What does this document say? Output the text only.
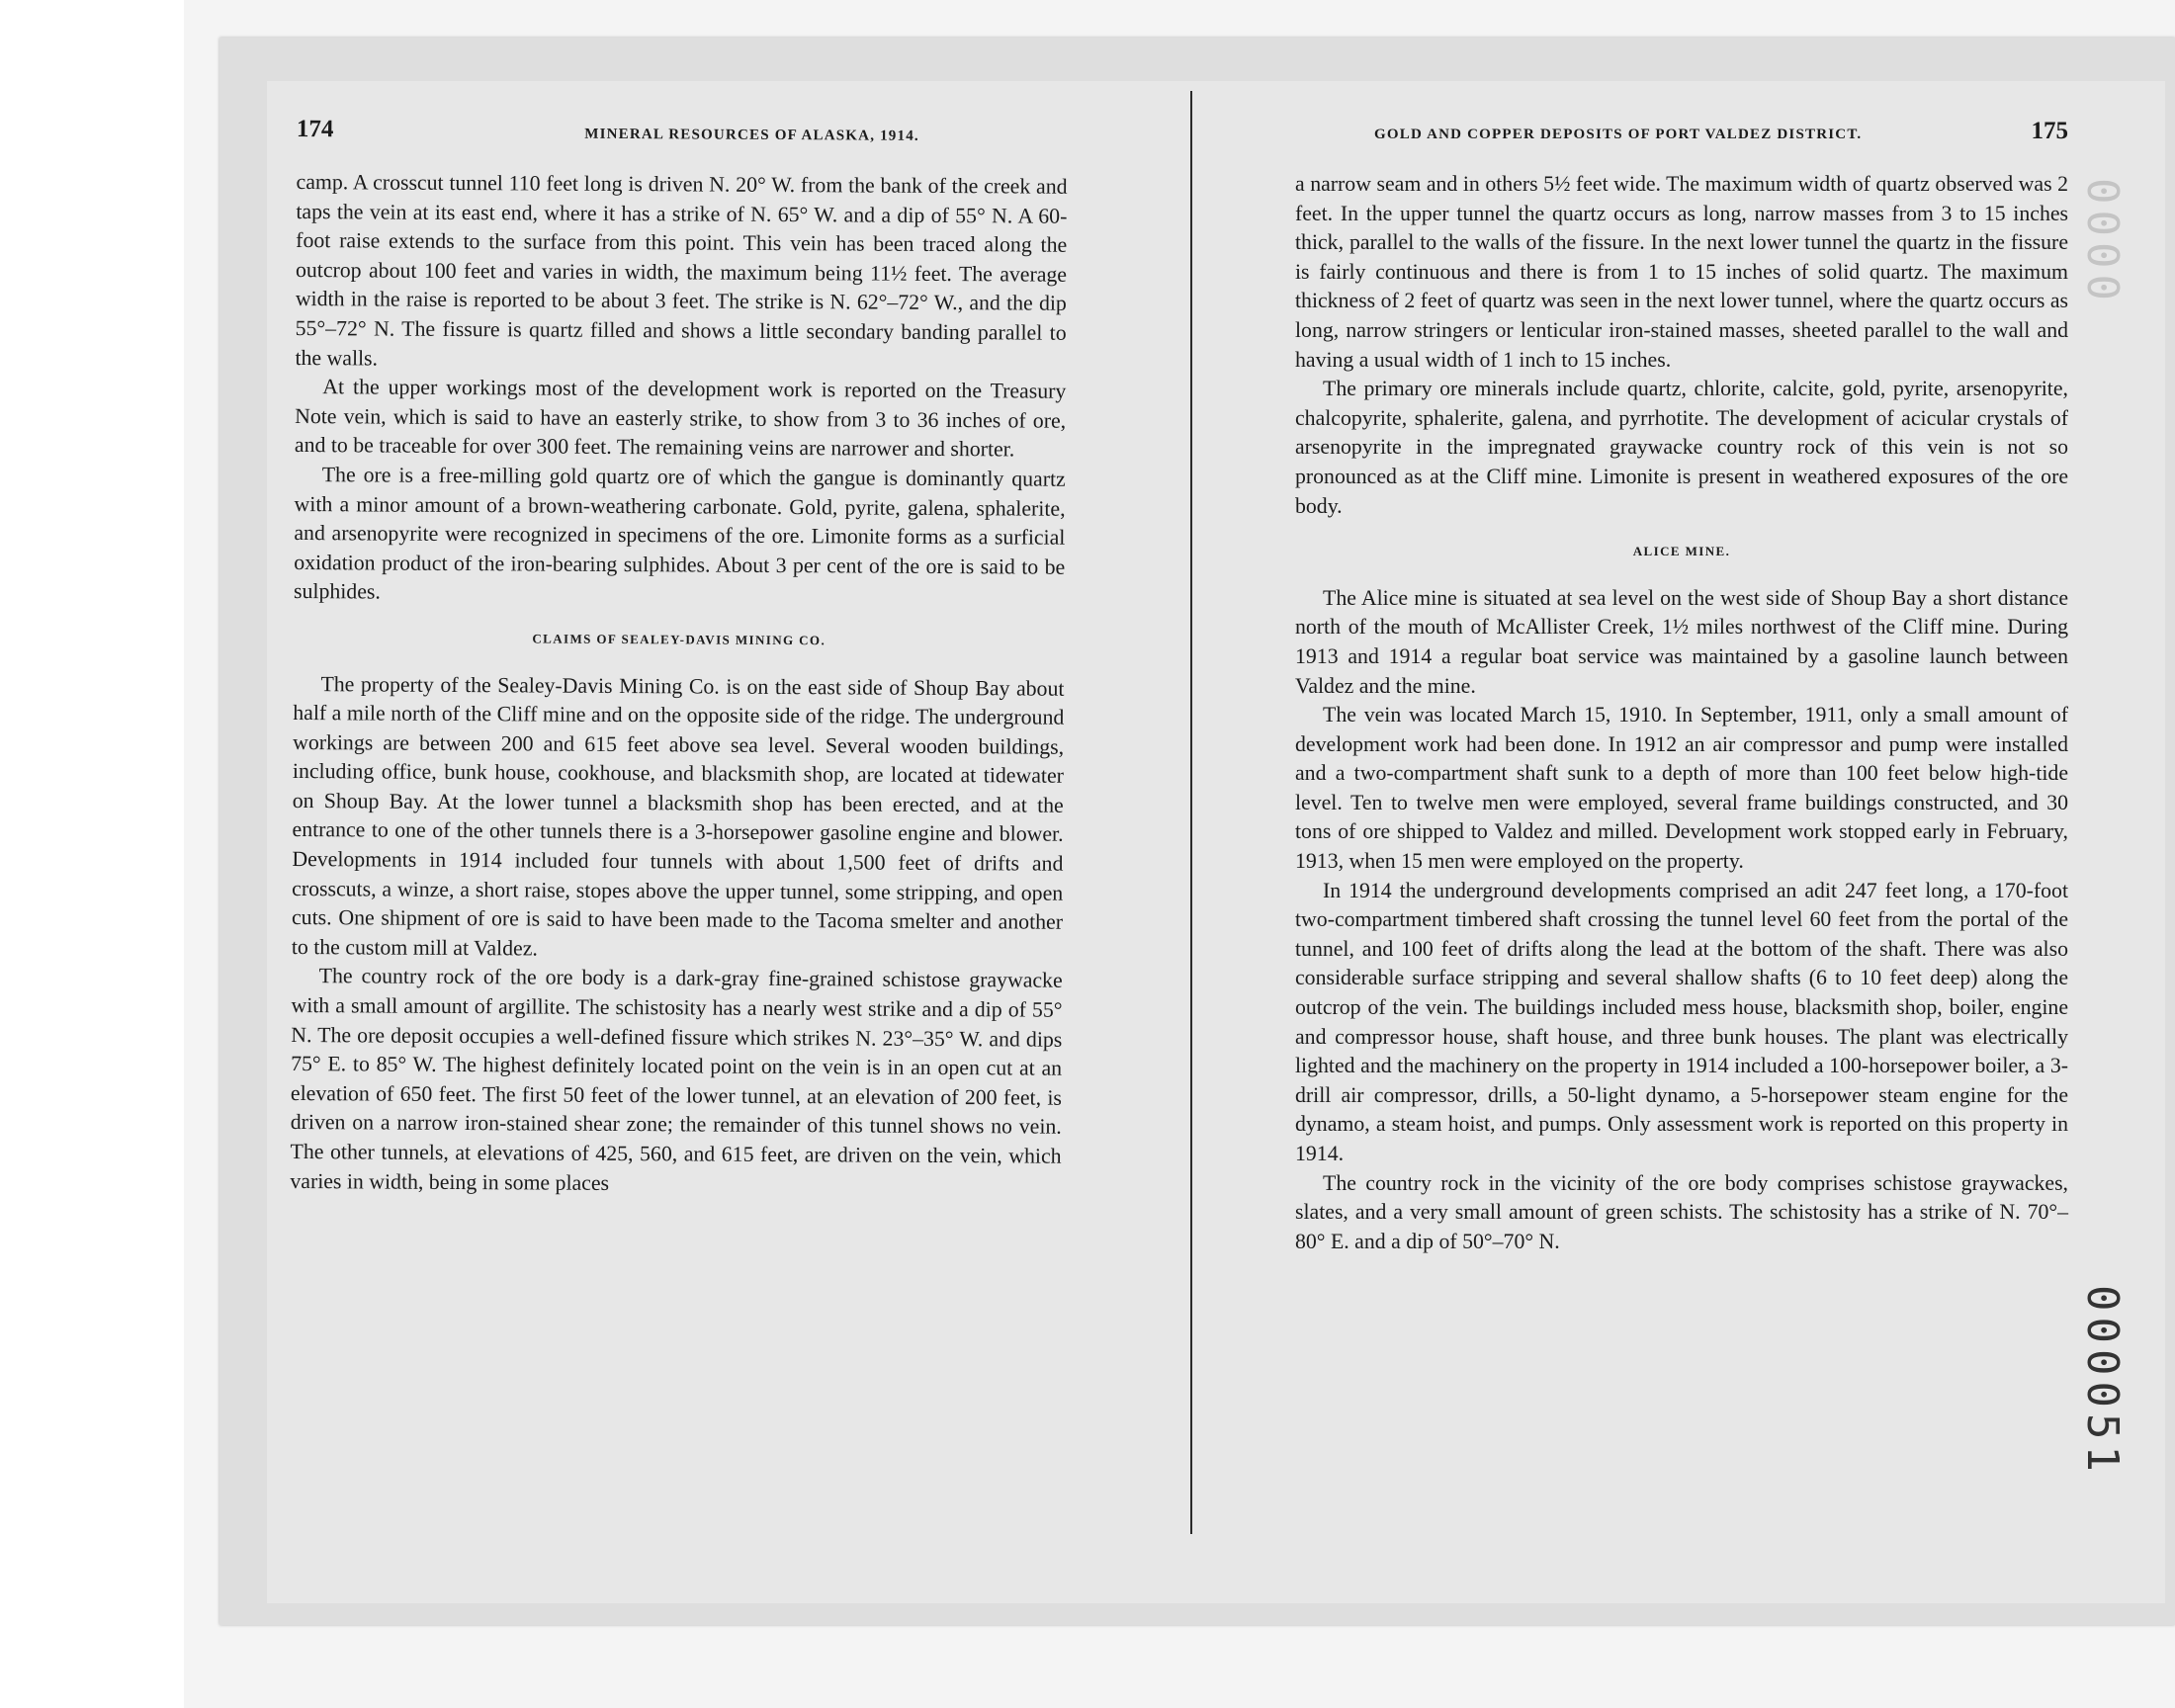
174	MINERAL RESOURCES OF ALASKA, 1914.

camp. A crosscut tunnel 110 feet long is driven N. 20° W. from the bank of the creek and taps the vein at its east end, where it has a strike of N. 65° W. and a dip of 55° N. A 60-foot raise extends to the surface from this point. This vein has been traced along the outcrop about 100 feet and varies in width, the maximum being 11½ feet. The average width in the raise is reported to be about 3 feet. The strike is N. 62°–72° W., and the dip 55°–72° N. The fissure is quartz filled and shows a little secondary banding parallel to the walls.

At the upper workings most of the development work is reported on the Treasury Note vein, which is said to have an easterly strike, to show from 3 to 36 inches of ore, and to be traceable for over 300 feet. The remaining veins are narrower and shorter.

The ore is a free-milling gold quartz ore of which the gangue is dominantly quartz with a minor amount of a brown-weathering carbonate. Gold, pyrite, galena, sphalerite, and arsenopyrite were recognized in specimens of the ore. Limonite forms as a surficial oxidation product of the iron-bearing sulphides. About 3 per cent of the ore is said to be sulphides.

CLAIMS OF SEALEY-DAVIS MINING CO.

The property of the Sealey-Davis Mining Co. is on the east side of Shoup Bay about half a mile north of the Cliff mine and on the opposite side of the ridge. The underground workings are between 200 and 615 feet above sea level. Several wooden buildings, including office, bunk house, cookhouse, and blacksmith shop, are located at tidewater on Shoup Bay. At the lower tunnel a blacksmith shop has been erected, and at the entrance to one of the other tunnels there is a 3-horsepower gasoline engine and blower. Developments in 1914 included four tunnels with about 1,500 feet of drifts and crosscuts, a winze, a short raise, stopes above the upper tunnel, some stripping, and open cuts. One shipment of ore is said to have been made to the Tacoma smelter and another to the custom mill at Valdez.

The country rock of the ore body is a dark-gray fine-grained schistose graywacke with a small amount of argillite. The schistosity has a nearly west strike and a dip of 55° N. The ore deposit occupies a well-defined fissure which strikes N. 23°–35° W. and dips 75° E. to 85° W. The highest definitely located point on the vein is in an open cut at an elevation of 650 feet. The first 50 feet of the lower tunnel, at an elevation of 200 feet, is driven on a narrow iron-stained shear zone; the remainder of this tunnel shows no vein. The other tunnels, at elevations of 425, 560, and 615 feet, are driven on the vein, which varies in width, being in some places

GOLD AND COPPER DEPOSITS OF PORT VALDEZ DISTRICT.	175

a narrow seam and in others 5½ feet wide. The maximum width of quartz observed was 2 feet. In the upper tunnel the quartz occurs as long, narrow masses from 3 to 15 inches thick, parallel to the walls of the fissure. In the next lower tunnel the quartz in the fissure is fairly continuous and there is from 1 to 15 inches of solid quartz. The maximum thickness of 2 feet of quartz was seen in the next lower tunnel, where the quartz occurs as long, narrow stringers or lenticular iron-stained masses, sheeted parallel to the wall and having a usual width of 1 inch to 15 inches.

The primary ore minerals include quartz, chlorite, calcite, gold, pyrite, arsenopyrite, chalcopyrite, sphalerite, galena, and pyrrhotite. The development of acicular crystals of arsenopyrite in the impregnated graywacke country rock of this vein is not so pronounced as at the Cliff mine. Limonite is present in weathered exposures of the ore body.

ALICE MINE.

The Alice mine is situated at sea level on the west side of Shoup Bay a short distance north of the mouth of McAllister Creek, 1½ miles northwest of the Cliff mine. During 1913 and 1914 a regular boat service was maintained by a gasoline launch between Valdez and the mine.

The vein was located March 15, 1910. In September, 1911, only a small amount of development work had been done. In 1912 an air compressor and pump were installed and a two-compartment shaft sunk to a depth of more than 100 feet below high-tide level. Ten to twelve men were employed, several frame buildings constructed, and 30 tons of ore shipped to Valdez and milled. Development work stopped early in February, 1913, when 15 men were employed on the property.

In 1914 the underground developments comprised an adit 247 feet long, a 170-foot two-compartment timbered shaft crossing the tunnel level 60 feet from the portal of the tunnel, and 100 feet of drifts along the lead at the bottom of the shaft. There was also considerable surface stripping and several shallow shafts (6 to 10 feet deep) along the outcrop of the vein. The buildings included mess house, blacksmith shop, boiler, engine and compressor house, shaft house, and three bunk houses. The plant was electrically lighted and the machinery on the property in 1914 included a 100-horsepower boiler, a 3-drill air compressor, drills, a 50-light dynamo, a 5-horsepower steam engine for the dynamo, a steam hoist, and pumps. Only assessment work is reported on this property in 1914.

The country rock in the vicinity of the ore body comprises schistose graywackes, slates, and a very small amount of green schists. The schistosity has a strike of N. 70°–80° E. and a dip of 50°–70° N.

0000
000051
